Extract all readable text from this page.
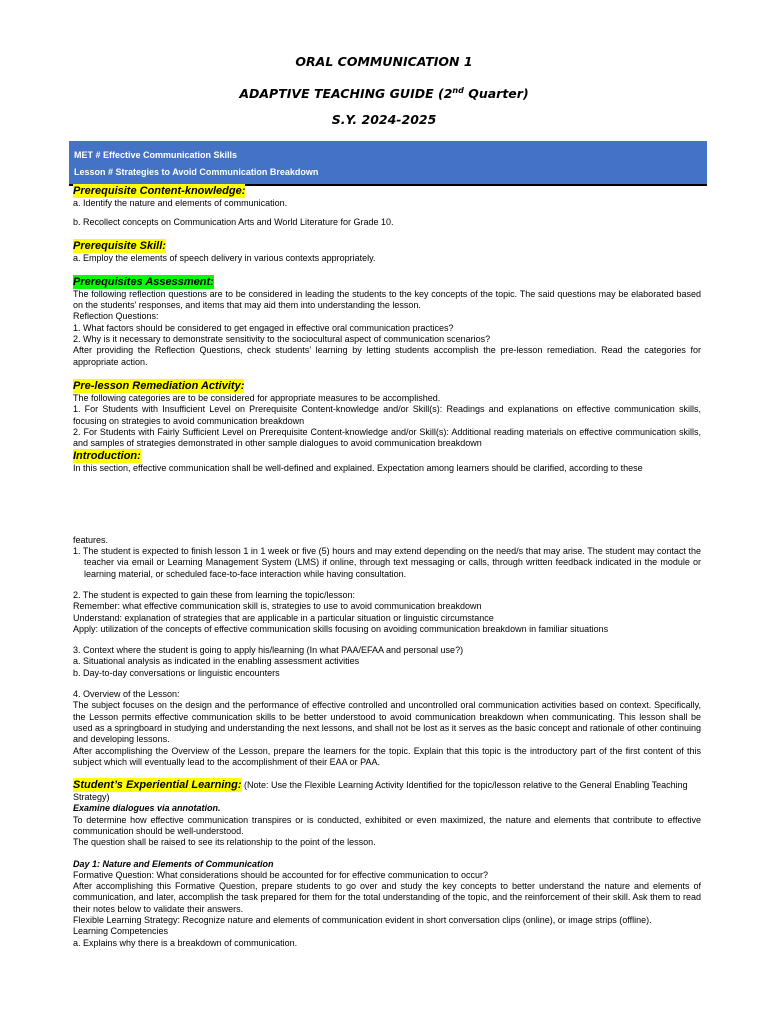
ORAL COMMUNICATION 1
ADAPTIVE TEACHING GUIDE (2nd Quarter)
S.Y. 2024-2025
MET # Effective Communication Skills
Lesson # Strategies to Avoid Communication Breakdown
Prerequisite Content-knowledge:

a. Identify the nature and elements of communication.

b. Recollect concepts on Communication Arts and World Literature for Grade 10.

Prerequisite Skill:

a. Employ the elements of speech delivery in various contexts appropriately.

Prerequisites Assessment:

The following reflection questions are to be considered in leading the students to the key concepts of the topic. The said questions may be elaborated based on the students’ responses, and items that may aid them into understanding the lesson.

Reflection Questions:

1. What factors should be considered to get engaged in effective oral communication practices?

2. Why is it necessary to demonstrate sensitivity to the sociocultural aspect of communication scenarios?

After providing the Reflection Questions, check students’ learning by letting students accomplish the pre-lesson remediation. Read the categories for appropriate action.

Pre-lesson Remediation Activity:

The following categories are to be considered for appropriate measures to be accomplished.

1. For Students with Insufficient Level on Prerequisite Content-knowledge and/or Skill(s): Readings and explanations on effective communication skills, focusing on strategies to avoid communication breakdown

2. For Students with Fairly Sufficient Level on Prerequisite Content-knowledge and/or Skill(s): Additional reading materials on effective communication skills, and samples of strategies demonstrated in other sample dialogues to avoid communication breakdown

Introduction:

In this section, effective communication shall be well-defined and explained. Expectation among learners should be clarified, according to these

features.

1. The student is expected to finish lesson 1 in 1 week or five (5) hours and may extend depending on the need/s that may arise. The student may contact the teacher via email or Learning Management System (LMS) if online, through text messaging or calls, through written feedback indicated in the module or learning material, or scheduled face-to-face interaction while having consultation.

2. The student is expected to gain these from learning the topic/lesson:

Remember: what effective communication skill is, strategies to use to avoid communication breakdown

Understand: explanation of strategies that are applicable in a particular situation or linguistic circumstance

Apply: utilization of the concepts of effective communication skills focusing on avoiding communication breakdown in familiar situations

3. Context where the student is going to apply his/learning (In what PAA/EFAA and personal use?)

a. Situational analysis as indicated in the enabling assessment activities

b. Day-to-day conversations or linguistic encounters

4. Overview of the Lesson:

The subject focuses on the design and the performance of effective controlled and uncontrolled oral communication activities based on context. Specifically, the Lesson permits effective communication skills to be better understood to avoid communication breakdown when communicating. This lesson shall be used as a springboard in studying and understanding the next lessons, and shall not be lost as it serves as the basic concept and rationale of other continuing and developing lessons.

After accomplishing the Overview of the Lesson, prepare the learners for the topic. Explain that this topic is the introductory part of the first content of this subject which will eventually lead to the accomplishment of their EAA or PAA.

Student’s Experiential Learning: (Note: Use the Flexible Learning Activity Identified for the topic/lesson relative to the General Enabling Teaching Strategy)

Examine dialogues via annotation.

To determine how effective communication transpires or is conducted, exhibited or even maximized, the nature and elements that contribute to effective communication should be well-understood.

The question shall be raised to see its relationship to the point of the lesson.

Day 1: Nature and Elements of Communication

Formative Question: What considerations should be accounted for for effective communication to occur?

After accomplishing this Formative Question, prepare students to go over and study the key concepts to better understand the nature and elements of communication, and later, accomplish the task prepared for them for the total understanding of the topic, and the reinforcement of their skill. Ask them to read their notes below to validate their answers.

Flexible Learning Strategy: Recognize nature and elements of communication evident in short conversation clips (online), or image strips (offline).

Learning Competencies

a. Explains why there is a breakdown of communication.
